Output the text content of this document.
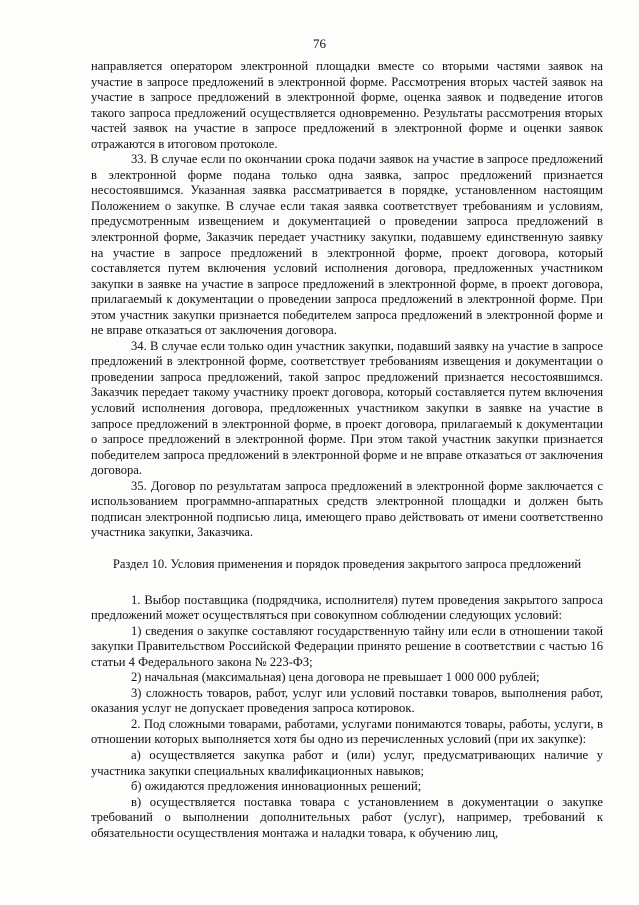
76

направляется оператором электронной площадки вместе со вторыми частями заявок на участие в запросе предложений в электронной форме. Рассмотрения вторых частей заявок на участие в запросе предложений в электронной форме, оценка заявок и подведение итогов такого запроса предложений осуществляется одновременно. Результаты рассмотрения вторых частей заявок на участие в запросе предложений в электронной форме и оценки заявок отражаются в итоговом протоколе.

33. В случае если по окончании срока подачи заявок на участие в запросе предложений в электронной форме подана только одна заявка, запрос предложений признается несостоявшимся. Указанная заявка рассматривается в порядке, установленном настоящим Положением о закупке. В случае если такая заявка соответствует требованиям и условиям, предусмотренным извещением и документацией о проведении запроса предложений в электронной форме, Заказчик передает участнику закупки, подавшему единственную заявку на участие в запросе предложений в электронной форме, проект договора, который составляется путем включения условий исполнения договора, предложенных участником закупки в заявке на участие в запросе предложений в электронной форме, в проект договора, прилагаемый к документации о проведении запроса предложений в электронной форме. При этом участник закупки признается победителем запроса предложений в электронной форме и не вправе отказаться от заключения договора.

34. В случае если только один участник закупки, подавший заявку на участие в запросе предложений в электронной форме, соответствует требованиям извещения и документации о проведении запроса предложений, такой запрос предложений признается несостоявшимся. Заказчик передает такому участнику проект договора, который составляется путем включения условий исполнения договора, предложенных участником закупки в заявке на участие в запросе предложений в электронной форме, в проект договора, прилагаемый к документации о запросе предложений в электронной форме. При этом такой участник закупки признается победителем запроса предложений в электронной форме и не вправе отказаться от заключения договора.

35. Договор по результатам запроса предложений в электронной форме заключается с использованием программно-аппаратных средств электронной площадки и должен быть подписан электронной подписью лица, имеющего право действовать от имени соответственно участника закупки, Заказчика.

Раздел 10. Условия применения и порядок проведения закрытого запроса предложений

1. Выбор поставщика (подрядчика, исполнителя) путем проведения закрытого запроса предложений может осуществляться при совокупном соблюдении следующих условий:

1) сведения о закупке составляют государственную тайну или если в отношении такой закупки Правительством Российской Федерации принято решение в соответствии с частью 16 статьи 4 Федерального закона № 223-ФЗ;

2) начальная (максимальная) цена договора не превышает 1 000 000 рублей;

3) сложность товаров, работ, услуг или условий поставки товаров, выполнения работ, оказания услуг не допускает проведения запроса котировок.

2. Под сложными товарами, работами, услугами понимаются товары, работы, услуги, в отношении которых выполняется хотя бы одно из перечисленных условий (при их закупке):

а) осуществляется закупка работ и (или) услуг, предусматривающих наличие у участника закупки специальных квалификационных навыков;

б) ожидаются предложения инновационных решений;

в) осуществляется поставка товара с установлением в документации о закупке требований о выполнении дополнительных работ (услуг), например, требований к обязательности осуществления монтажа и наладки товара, к обучению лиц,
